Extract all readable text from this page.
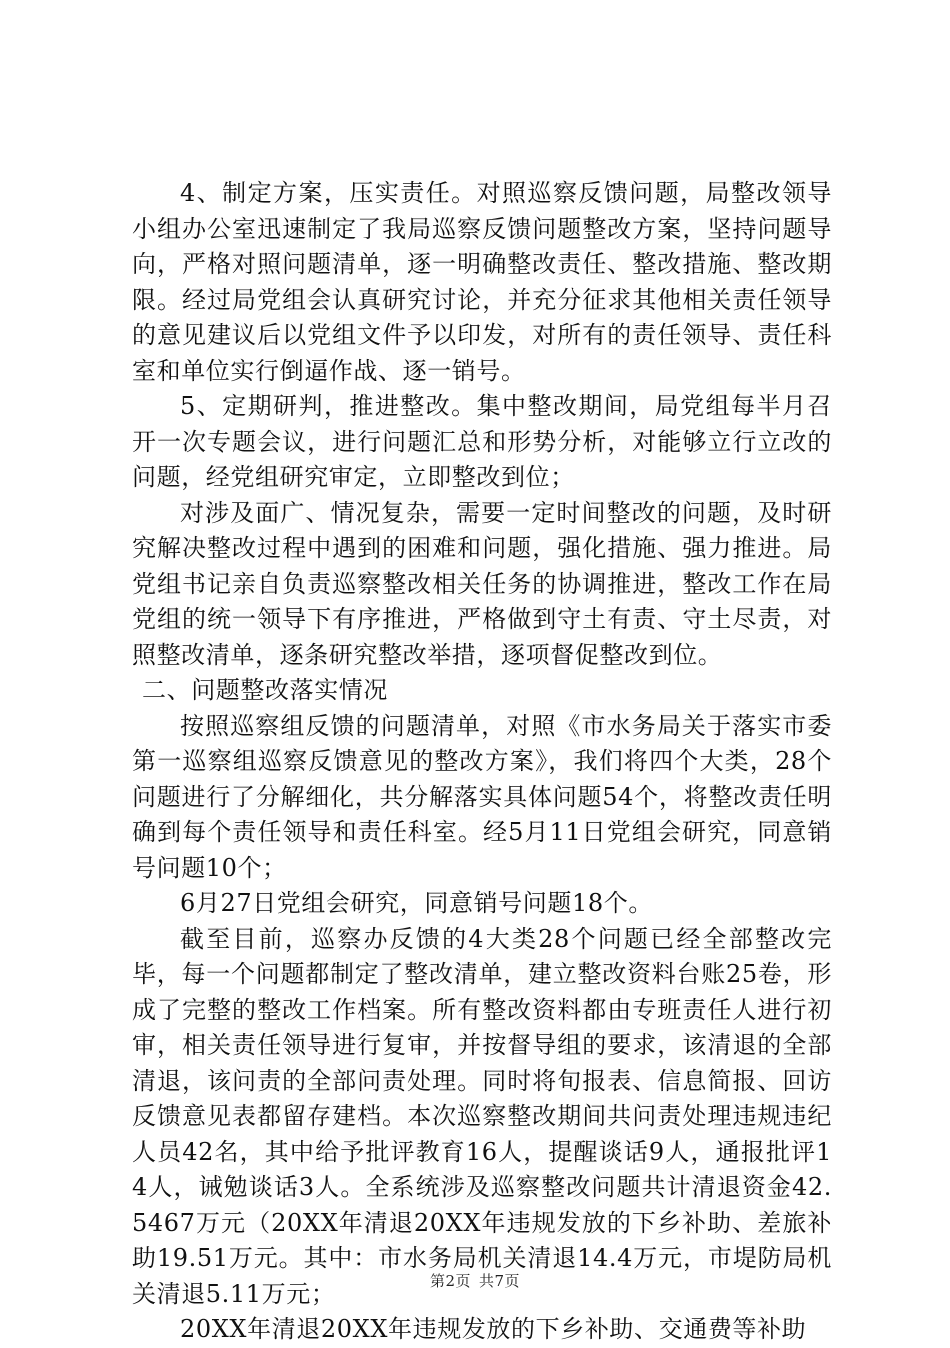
4、制定方案，压实责任。对照巡察反馈问题，局整改领导小组办公室迅速制定了我局巡察反馈问题整改方案，坚持问题导向，严格对照问题清单，逐一明确整改责任、整改措施、整改期限。经过局党组会认真研究讨论，并充分征求其他相关责任领导的意见建议后以党组文件予以印发，对所有的责任领导、责任科室和单位实行倒逼作战、逐一销号。

5、定期研判，推进整改。集中整改期间，局党组每半月召开一次专题会议，进行问题汇总和形势分析，对能够立行立改的问题，经党组研究审定，立即整改到位；

对涉及面广、情况复杂，需要一定时间整改的问题，及时研究解决整改过程中遇到的困难和问题，强化措施、强力推进。局党组书记亲自负责巡察整改相关任务的协调推进，整改工作在局党组的统一领导下有序推进，严格做到守土有责、守土尽责，对照整改清单，逐条研究整改举措，逐项督促整改到位。

二、问题整改落实情况

按照巡察组反馈的问题清单，对照《市水务局关于落实市委第一巡察组巡察反馈意见的整改方案》，我们将四个大类，28个问题进行了分解细化，共分解落实具体问题54个，将整改责任明确到每个责任领导和责任科室。经5月11日党组会研究，同意销号问题10个；

6月27日党组会研究，同意销号问题18个。

截至目前，巡察办反馈的4大类28个问题已经全部整改完毕，每一个问题都制定了整改清单，建立整改资料台账25卷，形成了完整的整改工作档案。所有整改资料都由专班责任人进行初审，相关责任领导进行复审，并按督导组的要求，该清退的全部清退，该问责的全部问责处理。同时将旬报表、信息简报、回访反馈意见表都留存建档。本次巡察整改期间共问责处理违规违纪人员42名，其中给予批评教育16人，提醒谈话9人，通报批评14人，诫勉谈话3人。全系统涉及巡察整改问题共计清退资金42.5467万元（20XX年清退20XX年违规发放的下乡补助、差旅补助19.51万元。其中：市水务局机关清退14.4万元，市堤防局机关清退5.11万元；

20XX年清退20XX年违规发放的下乡补助、交通费等补助

第2页 共7页
